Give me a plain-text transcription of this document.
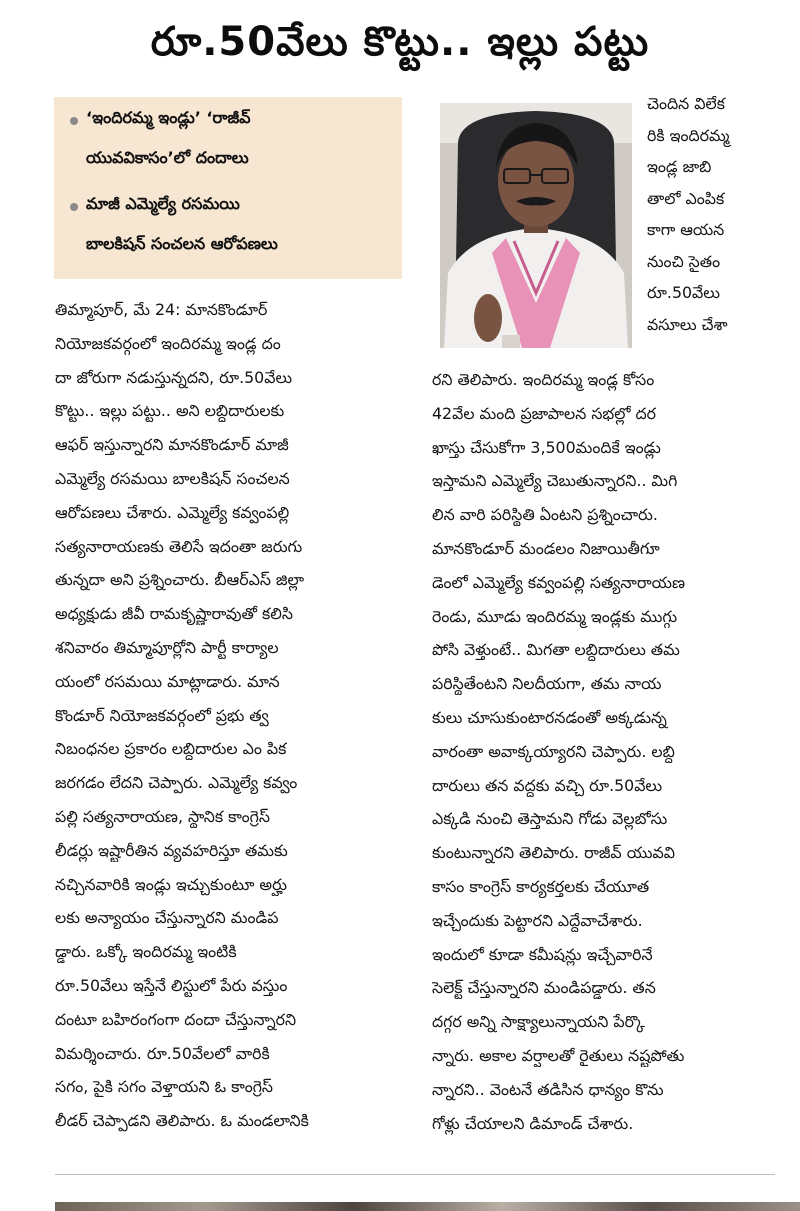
రూ.50వేలు కొట్టు.. ఇల్లు పట్టు
‘ఇందిరమ్మ ఇండ్లు’ ‘రాజీవ్
యువవికాసం’లో దందాలు
మాజీ ఎమ్మెల్యే రసమయి
బాలకిషన్ సంచలన ఆరోపణలు
చెందిన విలేక
రికి ఇందిరమ్మ
ఇండ్ల జాబి
తాలో ఎంపిక
కాగా ఆయన
నుంచి సైతం
రూ.50వేలు
వసూలు చేశా
రని తెలిపారు. ఇందిరమ్మ ఇండ్ల కోసం
42వేల మంది ప్రజాపాలన సభల్లో దర
ఖాస్తు చేసుకోగా 3,500మందికే ఇండ్లు
ఇస్తామని ఎమ్మెల్యే చెబుతున్నారని.. మిగి
లిన వారి పరిస్థితి ఏంటని ప్రశ్నించారు.
మానకొండూర్ మండలం నిజాయితీగూ
డెంలో ఎమ్మెల్యే కవ్వంపల్లి సత్యనారాయణ
రెండు, మూడు ఇందిరమ్మ ఇండ్లకు ముగ్గు
పోసి వెళ్తుంటే.. మిగతా లబ్ధిదారులు తమ
పరిస్థితేంటని నిలదీయగా, తమ నాయ
కులు చూసుకుంటారనడంతో అక్కడున్న
వారంతా అవాక్కయ్యారని చెప్పారు. లబ్ధి
దారులు తన వద్దకు వచ్చి రూ.50వేలు
ఎక్కడి నుంచి తెస్తామని గోడు వెల్లబోసు
కుంటున్నారని తెలిపారు. రాజీవ్ యువవి
కాసం కాంగ్రెస్ కార్యకర్తలకు చేయూత
ఇచ్చేందుకు పెట్టారని ఎద్దేవాచేశారు.
ఇందులో కూడా కమీషన్లు ఇచ్చేవారినే
సెలెక్ట్ చేస్తున్నారని మండిపడ్డారు. తన
దగ్గర అన్ని సాక్ష్యాలున్నాయని పేర్కొ
న్నారు. అకాల వర్షాలతో రైతులు నష్టపోతు
న్నారని.. వెంటనే తడిసిన ధాన్యం కొను
గోళ్లు చేయాలని డిమాండ్ చేశారు.
తిమ్మాపూర్, మే 24: మానకొండూర్
నియోజకవర్గంలో ఇందిరమ్మ ఇండ్ల దం
దా జోరుగా నడుస్తున్నదని, రూ.50వేలు
కొట్టు.. ఇల్లు పట్టు.. అని లబ్ధిదారులకు
ఆఫర్ ఇస్తున్నారని మానకొండూర్ మాజీ
ఎమ్మెల్యే రసమయి బాలకిషన్ సంచలన
ఆరోపణలు చేశారు. ఎమ్మెల్యే కవ్వంపల్లి
సత్యనారాయణకు తెలిసే ఇదంతా జరుగు
తున్నదా అని ప్రశ్నించారు. బీఆర్ఎస్ జిల్లా
అధ్యక్షుడు జీవీ రామకృష్ణారావుతో కలిసి
శనివారం తిమ్మాపూర్లోని పార్టీ కార్యాల
యంలో రసమయి మాట్లాడారు. మాన
కొండూర్ నియోజకవర్గంలో ప్రభు త్వ
నిబంధనల ప్రకారం లబ్ధిదారుల ఎం పిక
జరగడం లేదని చెప్పారు. ఎమ్మెల్యే కవ్వం
పల్లి సత్యనారాయణ, స్థానిక కాంగ్రెస్
లీడర్లు ఇష్టారీతిన వ్యవహరిస్తూ తమకు
నచ్చినవారికి ఇండ్లు ఇచ్చుకుంటూ అర్హు
లకు అన్యాయం చేస్తున్నారని మండిప
డ్డారు. ఒక్కో ఇందిరమ్మ ఇంటికి
రూ.50వేలు ఇస్తేనే లిస్టులో పేరు వస్తుం
దంటూ బహిరంగంగా దందా చేస్తున్నారని
విమర్శించారు. రూ.50వేలలో వారికి
సగం, పైకి సగం వెళ్తాయని ఓ కాంగ్రెస్
లీడర్ చెప్పాడని తెలిపారు. ఓ మండలానికి
